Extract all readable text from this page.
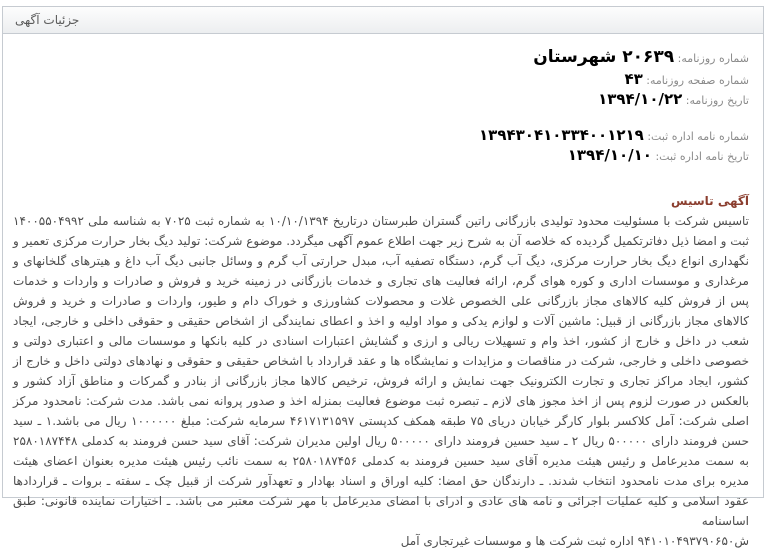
جزئیات آگهی
شماره روزنامه: ۲۰۶۳۹ شهرستان
شماره صفحه روزنامه: ۴۳
تاریخ روزنامه: ۱۳۹۴/۱۰/۲۲
شماره نامه اداره ثبت: ۱۳۹۴۳۰۴۱۰۳۳۴۰۰۱۲۱۹
تاریخ نامه اداره ثبت: ۱۳۹۴/۱۰/۱۰
آگهی تاسیس

تاسیس شرکت با مسئولیت محدود تولیدی بازرگانی راتین گستران طبرستان درتاریخ ۱۰/۱۰/۱۳۹۴ به شماره ثبت ۷۰۲۵ به شناسه ملی ۱۴۰۰۵۵۰۴۹۹۲ ثبت و امضا ذیل دفاترتکمیل گردیده که خلاصه آن به شرح زیر جهت اطلاع عموم آگهی میگردد. موضوع شرکت: تولید دیگ بخار حرارت مرکزی تعمیر و نگهداری انواع دیگ بخار حرارت مرکزی، دیگ آب گرم، دستگاه تصفیه آب، مبدل حرارتی آب گرم و وسائل جانبی دیگ آب داغ و هیترهای گلخانهای و مرغداری و موسسات اداری و کوره هوای گرم، ارائه فعالیت های تجاری و خدمات بازرگانی در زمینه خرید و فروش و صادرات و واردات و خدمات پس از فروش کلیه کالاهای مجاز بازرگانی علی الخصوص غلات و محصولات کشاورزی و خوراک دام و طیور، واردات و صادرات و خرید و فروش کالاهای مجاز بازرگانی از قبیل: ماشین آلات و لوازم یدکی و مواد اولیه و اخذ و اعطای نمایندگی از اشخاص حقیقی و حقوقی داخلی و خارجی، ایجاد شعب در داخل و خارج از کشور، اخذ وام و تسهیلات ریالی و ارزی و گشایش اعتبارات اسنادی در کلیه بانکها و موسسات مالی و اعتباری دولتی و خصوصی داخلی و خارجی، شرکت در مناقصات و مزایدات و نمایشگاه ها و عقد قرارداد با اشخاص حقیقی و حقوقی و نهادهای دولتی داخل و خارج از کشور، ایجاد مراکز تجاری و تجارت الکترونیک جهت نمایش و ارائه فروش، ترخیص کالاها مجاز بازرگانی از بنادر و گمرکات و مناطق آزاد کشور و بالعکس در صورت لزوم پس از اخذ مجوز های لازم ـ تبصره ثبت موضوع فعالیت بمنزله اخذ و صدور پروانه نمی باشد. مدت شرکت: نامحدود مرکز اصلی شرکت: آمل کلاکسر بلوار کارگر خیابان دریای ۷۵ طبقه همکف کدپستی ۴۶۱۷۱۳۱۵۹۷ سرمایه شرکت: مبلغ ۱۰۰۰۰۰۰ ریال می باشد.۱ ـ سید حسن فرومند دارای ۵۰۰۰۰۰ ریال ۲ ـ سید حسین فرومند دارای ۵۰۰۰۰۰ ریال اولین مدیران شرکت: آقای سید حسن فرومند به کدملی ۲۵۸۰۱۸۷۴۴۸ به سمت مدیرعامل و رئیس هیئت مدیره آقای سید حسین فرومند به کدملی ۲۵۸۰۱۸۷۴۵۶ به سمت نائب رئیس هیئت مدیره بعنوان اعضای هیئت مدیره برای مدت نامحدود انتخاب شدند. ـ دارندگان حق امضا: کلیه اوراق و اسناد بهادار و تعهدآور شرکت از قبیل چک ـ سفته ـ بروات ـ قراردادها عقود اسلامی و کلیه عملیات اجرائی و نامه های عادی و ادرای با امضای مدیرعامل با مهر شرکت معتبر می باشد. ـ اختیارات نماینده قانونی: طبق اساسنامه

ش۹۴۱۰۱۰۴۹۳۷۹۰۶۵۰ اداره ثبت شرکت ها و موسسات غیرتجاری آمل
